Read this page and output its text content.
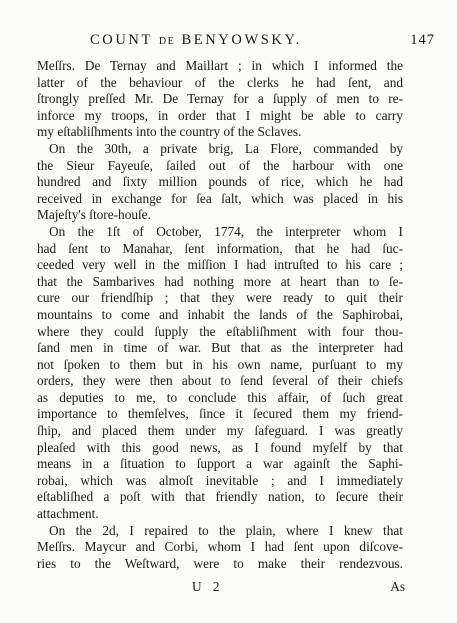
COUNT DE BENYOWSKY.	147
Meſſrs. De Ternay and Maillart ; in which I informed the
latter of the behaviour of the clerks he had ſent, and
ſtrongly preſſed Mr. De Ternay for a ſupply of men to re-
inforce my troops, in order that I might be able to carry
my eſtabliſhments into the country of the Sсlaves.
On the 30th, a private brig, La Flore, commanded by
the Sieur Fayeuſe, ſailed out of the harbour with one
hundred and ſixty million pounds of rice, which he had
received in exchange for ſea ſalt, which was placed in his
Majeſty's ſtore-houſe.
On the 1ſt of October, 1774, the interpreter whom I
had ſent to Manahar, ſent information, that he had ſuc-
ceeded very well in the miſſion I had intruſted to his care ;
that the Sambarives had nothing more at heart than to ſe-
cure our friendſhip ; that they were ready to quit their
mountains to come and inhabit the lands of the Saphirobai,
where they could ſupply the eſtabliſhment with four thou-
ſand men in time of war. But that as the interpreter had
not ſpoken to them but in his own name, purſuant to my
orders, they were then about to ſend ſeveral of their chiefs
as deputies to me, to conclude this affair, of ſuch great
importance to themſelves, ſince it ſecured them my friend-
ſhip, and placed them under my ſafeguard. I was greatly
pleaſed with this good news, as I found myſelf by that
means in a ſituation to ſupport a war againſt the Saphi-
robai, which was almoſt inevitable ; and I immediately
eſtabliſhed a poſt with that friendly nation, to ſecure their
attachment.
On the 2d, I repaired to the plain, where I knew that
Meſſrs. Maycur and Corbi, whom I had ſent upon diſcove-
ries to the Weſtward, were to make their rendezvous.
U 2	As
